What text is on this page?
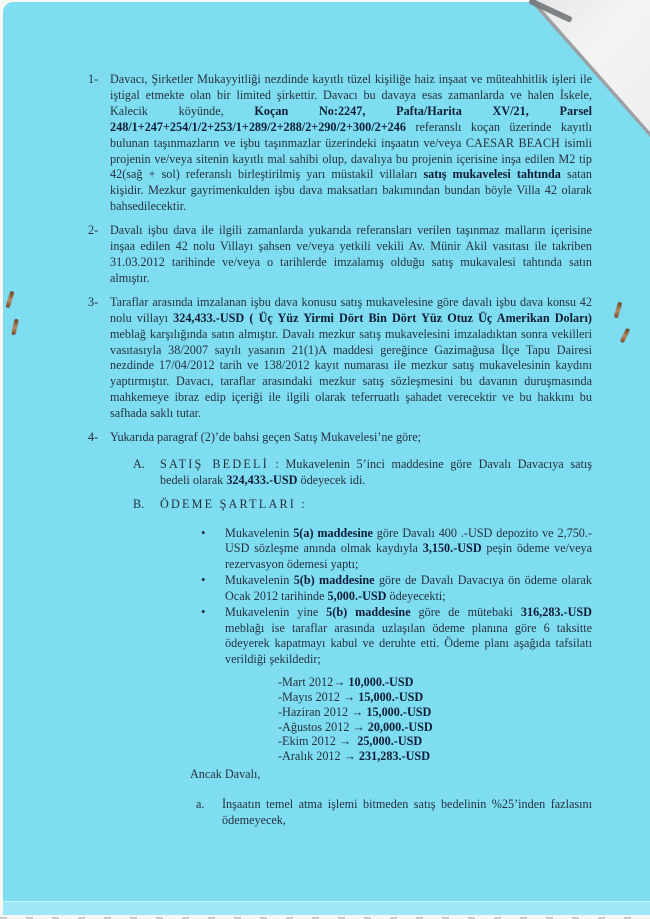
1- Davacı, Şirketler Mukayyitliği nezdinde kayıtlı tüzel kişiliğe haiz inşaat ve müteahhitlik işleri ile iştigal etmekte olan bir limited şirkettir. Davacı bu davaya esas zamanlarda ve halen İskele, Kalecik köyünde, Koçan No:2247, Pafta/Harita XV/21, Parsel 248/1+247+254/1/2+253/1+289/2+288/2+290/2+300/2+246 referanslı koçan üzerinde kayıtlı bulunan taşınmazların ve işbu taşınmazlar üzerindeki inşaatın ve/veya CAESAR BEACH isimli projenin ve/veya sitenin kayıtlı mal sahibi olup, davalıya bu projenin içerisine inşa edilen M2 tip 42(sağ + sol) referanslı birleştirilmiş yarı müstakil villaları satış mukavelesi tahtında satan kişidir. Mezkur gayrimenkulden işbu dava maksatları bakımından bundan böyle Villa 42 olarak bahsedilecektir.
2- Davalı işbu dava ile ilgili zamanlarda yukarıda referansları verilen taşınmaz malların içerisine inşaa edilen 42 nolu Villayı şahsen ve/veya yetkili vekili Av. Münir Akil vasıtası ile takriben 31.03.2012 tarihinde ve/veya o tarihlerde imzalamış olduğu satış mukavalesi tahtında satın almıştır.
3- Taraflar arasında imzalanan işbu dava konusu satış mukavelesine göre davalı işbu dava konsu 42 nolu villayı 324,433.-USD ( Üç Yüz Yirmi Dört Bin Dört Yüz Otuz Üç Amerikan Doları) meblağ karşılığında satın almıştır. Davalı mezkur satış mukavelesini imzaladıktan sonra vekilleri vasıtasıyla 38/2007 sayılı yasanın 21(1)A maddesi gereğince Gazimağusa İlçe Tapu Dairesi nezdinde 17/04/2012 tarih ve 138/2012 kayıt numarası ile mezkur satış mukavelesinin kaydını yaptırmıştır. Davacı, taraflar arasındaki mezkur satış sözleşmesini bu davanın duruşmasında mahkemeye ibraz edip içeriği ile ilgili olarak teferruatlı şahadet verecektir ve bu hakkını bu safhada saklı tutar.
4- Yukarıda paragraf (2)’de bahsi geçen Satış Mukavelesi’ne göre;
A. SATIŞ BEDELİ : Mukavelenin 5’inci maddesine göre Davalı Davacıya satış bedeli olarak 324,433.-USD ödeyecek idi.
B. ÖDEME ŞARTLARI :
• Mukavelenin 5(a) maddesine göre Davalı 400 .-USD depozito ve 2,750.-USD sözleşme anında olmak kaydıyla 3,150.-USD peşin ödeme ve/veya rezervasyon ödemesi yaptı;
• Mukavelenin 5(b) maddesine göre de Davalı Davacıya ön ödeme olarak Ocak 2012 tarihinde 5,000.-USD ödeyecekti;
• Mukavelenin yine 5(b) maddesine göre de mütebaki 316,283.-USD meblağı ise taraflar arasında uzlaşılan ödeme planına göre 6 taksitte ödeyerek kapatmayı kabul ve deruhte etti. Ödeme planı aşağıda tafsilatı verildiği şekildedir;
-Mart 2012→ 10,000.-USD
-Mayıs 2012 → 15,000.-USD
-Haziran 2012 → 15,000.-USD
-Ağustos 2012 → 20,000.-USD
-Ekim 2012 →  25,000.-USD
-Aralık 2012 → 231,283.-USD
Ancak Davalı,
a. İnşaatın temel atma işlemi bitmeden satış bedelinin %25’inden fazlasını ödemeyecek,
